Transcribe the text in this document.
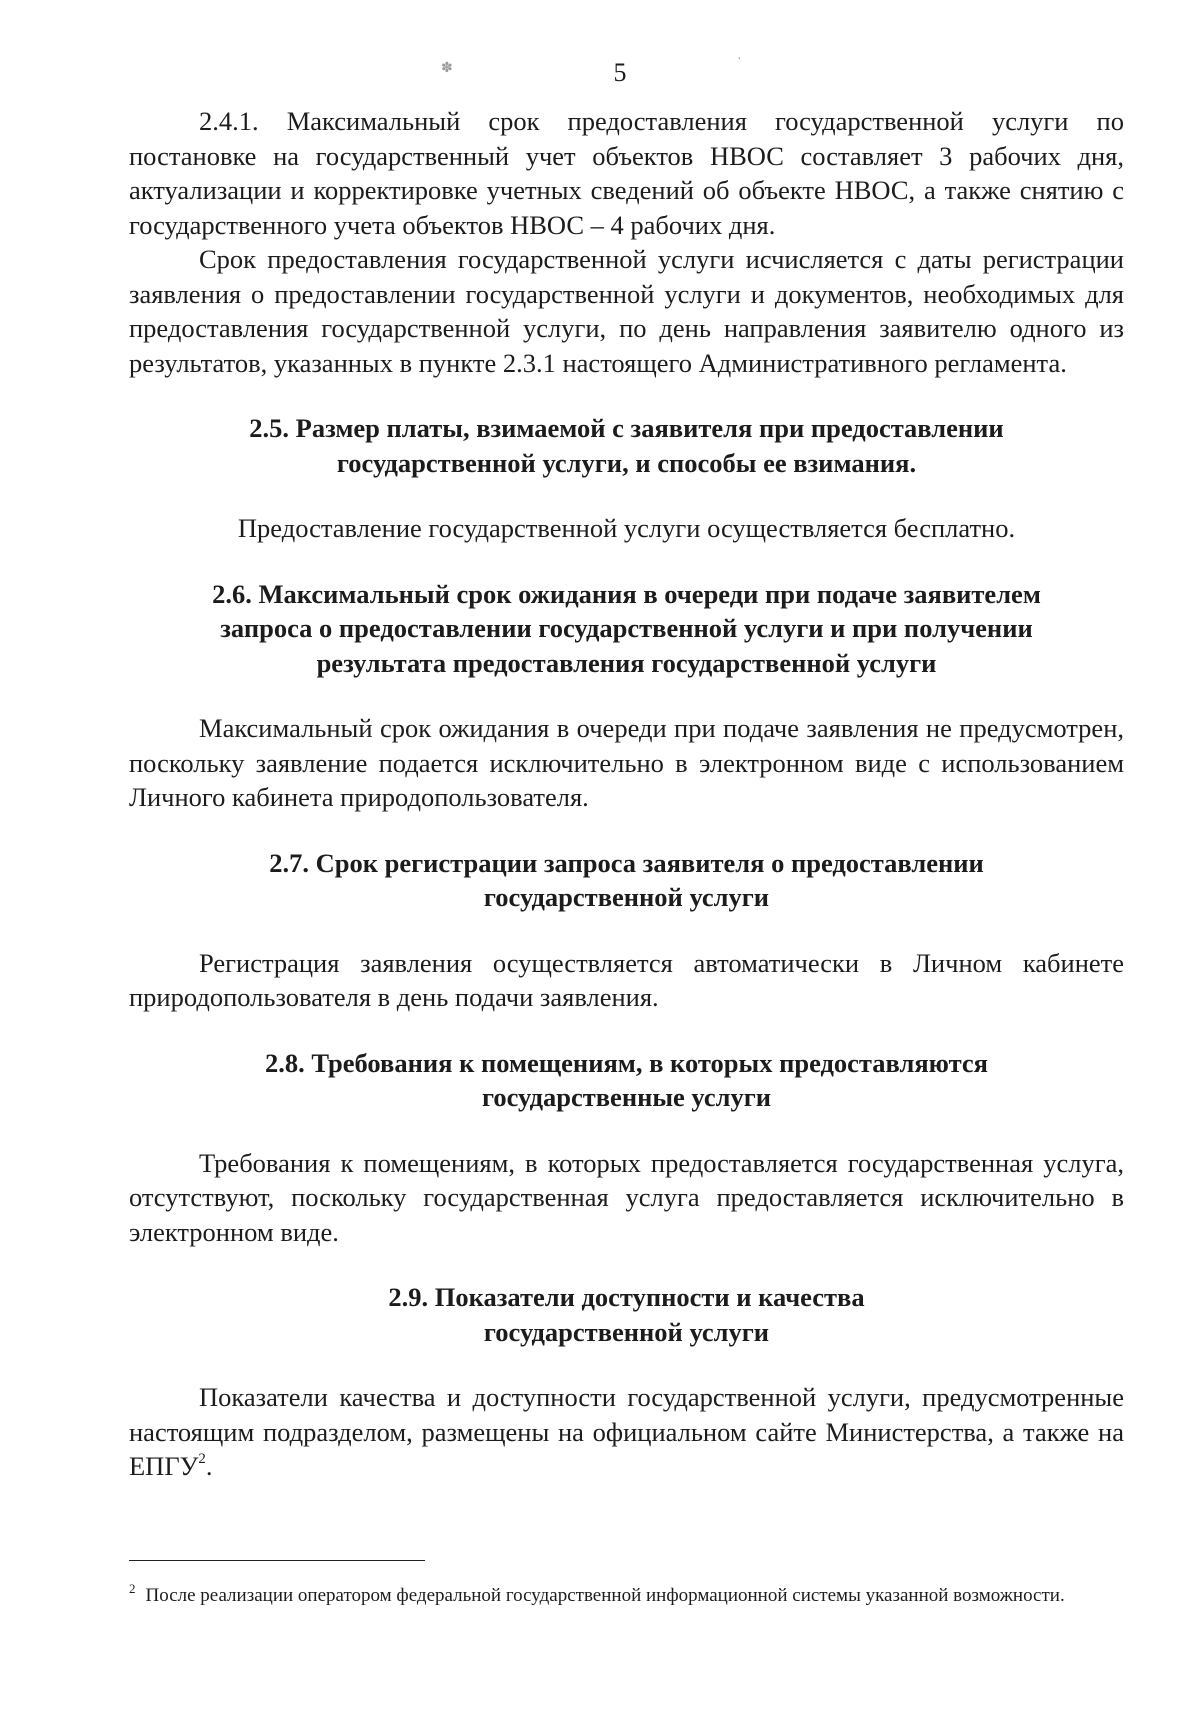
✽
·
5

2.4.1. Максимальный срок предоставления государственной услуги по постановке на государственный учет объектов НВОС составляет 3 рабочих дня, актуализации и корректировке учетных сведений об объекте НВОС, а также снятию с государственного учета объектов НВОС – 4 рабочих дня.

Срок предоставления государственной услуги исчисляется с даты регистрации заявления о предоставлении государственной услуги и документов, необходимых для предоставления государственной услуги, по день направления заявителю одного из результатов, указанных в пункте 2.3.1 настоящего Административного регламента.

2.5. Размер платы, взимаемой с заявителя при предоставлении
государственной услуги, и способы ее взимания.

Предоставление государственной услуги осуществляется бесплатно.

2.6. Максимальный срок ожидания в очереди при подаче заявителем
запроса о предоставлении государственной услуги и при получении
результата предоставления государственной услуги

Максимальный срок ожидания в очереди при подаче заявления не предусмотрен, поскольку заявление подается исключительно в электронном виде с использованием Личного кабинета природопользователя.

2.7. Срок регистрации запроса заявителя о предоставлении
государственной услуги

Регистрация заявления осуществляется автоматически в Личном кабинете природопользователя в день подачи заявления.

2.8. Требования к помещениям, в которых предоставляются
государственные услуги

Требования к помещениям, в которых предоставляется государственная услуга, отсутствуют, поскольку государственная услуга предоставляется исключительно в электронном виде.

2.9. Показатели доступности и качества
государственной услуги

Показатели качества и доступности государственной услуги, предусмотренные настоящим подразделом, размещены на официальном сайте Министерства, а также на ЕПГУ$^2$.

$^2$ После реализации оператором федеральной государственной информационной системы указанной возможности.
